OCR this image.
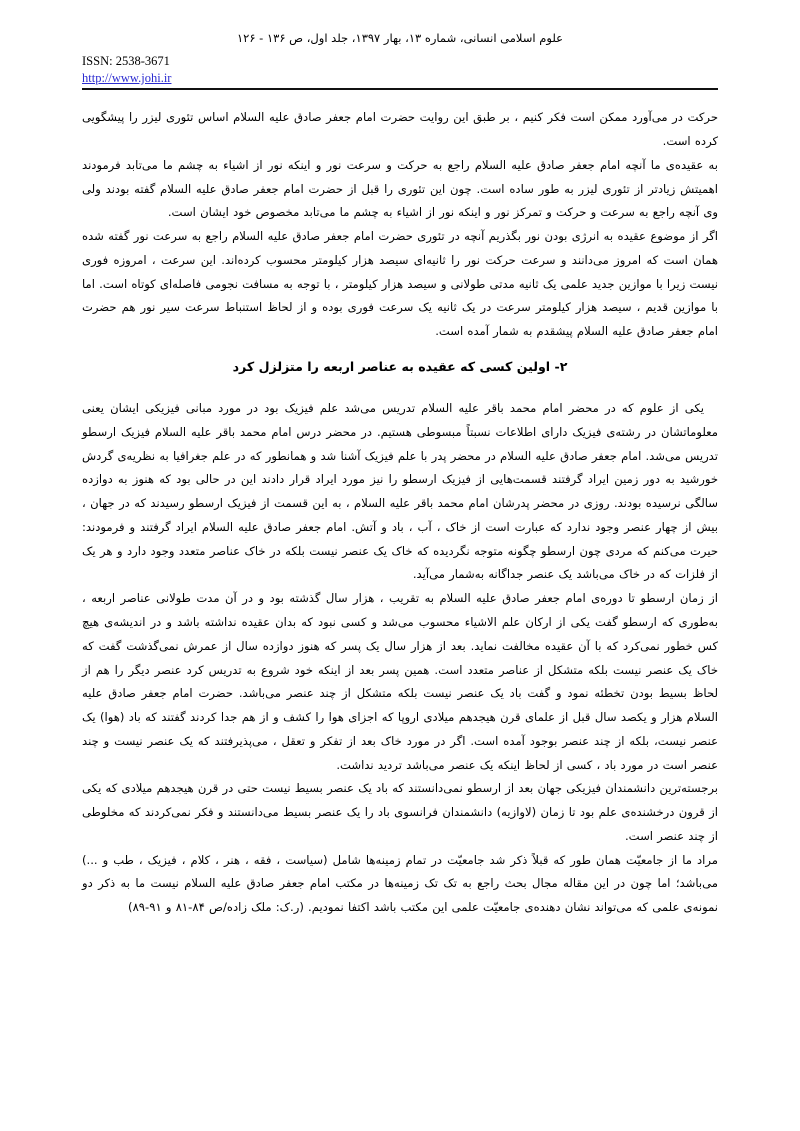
علوم اسلامی انسانی، شماره ۱۳، بهار ۱۳۹۷، جلد اول، ص ۱۳۶ - ۱۲۶
ISSN: 2538-3671
http://www.johi.ir

حرکت در می‌آورد ممکن است فکر کنیم ، بر طبق این روایت حضرت امام جعفر صادق علیه السلام اساس تئوری لیزر را پیشگویی کرده است.

به عقیده‌ی ما آنچه امام جعفر صادق علیه السلام راجع به حرکت و سرعت نور و اینکه نور از اشیاء به چشم ما می‌تابد فرمودند اهمیتش زیادتر از تئوری لیزر به طور ساده است. چون این تئوری را قبل از حضرت امام جعفر صادق علیه السلام گفته بودند ولی وی آنچه راجع به سرعت و حرکت و تمرکز نور و اینکه نور از اشیاء به چشم ما می‌تابد مخصوص خود ایشان است.

اگر از موضوع عقیده به انرژی بودن نور بگذریم آنچه در تئوری حضرت امام جعفر صادق علیه السلام راجع به سرعت نور گفته شده همان است که امروز می‌دانند و سرعت حرکت نور را ثانیه‌ای سیصد هزار کیلومتر محسوب کرده‌اند. این سرعت ، امروزه فوری نیست زیرا با موازین جدید علمی یک ثانیه مدتی طولانی و سیصد هزار کیلومتر ، با توجه به مسافت نجومی فاصله‌ای کوتاه است. اما با موازین قدیم ، سیصد هزار کیلومتر سرعت در یک ثانیه یک سرعت فوری بوده و از لحاظ استنباط سرعت سیر نور هم حضرت امام جعفر صادق علیه السلام پیشقدم به شمار آمده است.

۲- اولین کسی که عقیده به عناصر اربعه را متزلزل کرد

یکی از علوم که در محضر امام محمد باقر علیه السلام تدریس می‌شد علم فیزیک بود در مورد مبانی فیزیکی ایشان یعنی معلوماتشان در رشته‌ی فیزیک دارای اطلاعات نسبتاً مبسوطی هستیم. در محضر درس امام محمد باقر علیه السلام فیزیک ارسطو تدریس می‌شد. امام جعفر صادق علیه السلام در محضر پدر با علم فیزیک آشنا شد و همانطور که در علم جغرافیا به نظریه‌ی گردش خورشید به دور زمین ایراد گرفتند قسمت‌هایی از فیزیک ارسطو را نیز مورد ایراد قرار دادند این در حالی بود که هنوز به دوازده سالگی نرسیده بودند. روزی در محضر پدرشان امام محمد باقر علیه السلام ، به این قسمت از فیزیک ارسطو رسیدند که در جهان ، بیش از چهار عنصر وجود ندارد که عبارت است از خاک ، آب ، باد و آتش. امام جعفر صادق علیه السلام ایراد گرفتند و فرمودند: حیرت می‌کنم که مردی چون ارسطو چگونه متوجه نگردیده که خاک یک عنصر نیست بلکه در خاک عناصر متعدد وجود دارد و هر یک از فلزات که در خاک می‌باشد یک عنصر جداگانه به‌شمار می‌آید.

از زمان ارسطو تا دوره‌ی امام جعفر صادق علیه السلام به تقریب ، هزار سال گذشته بود و در آن مدت طولانی عناصر اربعه ، به‌طوری که ارسطو گفت یکی از ارکان علم الاشیاء محسوب می‌شد و کسی نبود که بدان عقیده نداشته باشد و در اندیشه‌ی هیچ کس خطور نمی‌کرد که با آن عقیده مخالفت نماید. بعد از هزار سال یک پسر که هنوز دوازده سال از عمرش نمی‌گذشت گفت که خاک یک عنصر نیست بلکه متشکل از عناصر متعدد است. همین پسر بعد از اینکه خود شروع به تدریس کرد عنصر دیگر را هم از لحاظ بسیط بودن تخطئه نمود و گفت باد یک عنصر نیست بلکه متشکل از چند عنصر می‌باشد. حضرت امام جعفر صادق علیه السلام هزار و یکصد سال قبل از علمای قرن هیجدهم میلادی اروپا که اجزای هوا را کشف و از هم جدا کردند گفتند که باد (هوا) یک عنصر نیست، بلکه از چند عنصر بوجود آمده است. اگر در مورد خاک بعد از تفکر و تعقل ، می‌پذیرفتند که یک عنصر نیست و چند عنصر است در مورد باد ، کسی از لحاظ اینکه یک عنصر می‌باشد تردید نداشت.

برجسته‌ترین دانشمندان فیزیکی جهان بعد از ارسطو نمی‌دانستند که باد یک عنصر بسیط نیست حتی در قرن هیجدهم میلادی که یکی از قرون درخشنده‌ی علم بود تا زمان (لاوازیه) دانشمندان فرانسوی باد را یک عنصر بسیط می‌دانستند و فکر نمی‌کردند که مخلوطی از چند عنصر است.

مراد ما از جامعیّت همان طور که قبلاً ذکر شد جامعیّت در تمام زمینه‌ها شامل (سیاست ، فقه ، هنر ، کلام ، فیزیک ، طب و ...) می‌باشد؛ اما چون در این مقاله مجال بحث راجع به تک تک زمینه‌ها در مکتب امام جعفر صادق علیه السلام نیست ما به ذکر دو نمونه‌ی علمی که می‌تواند نشان دهنده‌ی جامعیّت علمی این مکتب باشد اکتفا نمودیم. (ر.ک: ملک زاده/ص ۸۴-۸۱ و ۹۱-۸۹)
